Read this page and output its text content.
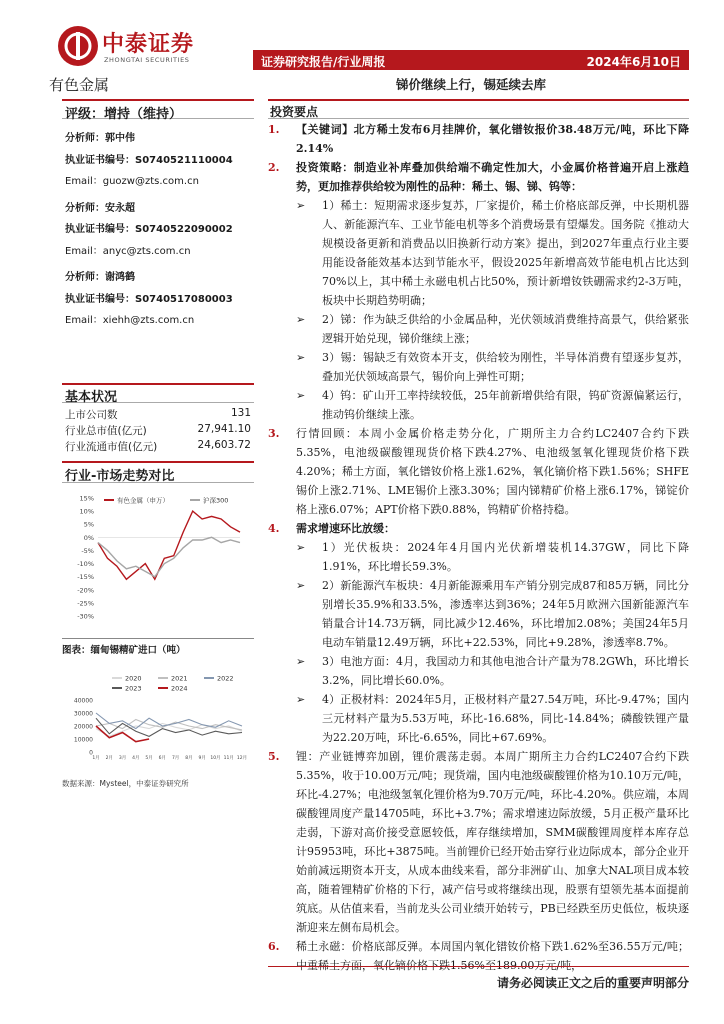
中泰证券
ZHONGTAI SECURITIES
有色金属
证券研究报告/行业周报	2024年6月10日
锑价继续上行，锡延续去库
评级：增持（维持）
分析师：郭中伟
执业证书编号：S0740521110004
Email：guozw@zts.com.cn
分析师：安永超
执业证书编号：S0740522090002
Email：anyc@zts.com.cn
分析师：谢鸿鹤
执业证书编号：S0740517080003
Email：xiehh@zts.com.cn
基本状况
上市公司数	131
行业总市值(亿元)	27,941.10
行业流通市值(亿元)	24,603.72
行业-市场走势对比
15%
10%
5%
0%
-5%
-10%
-15%
-20%
-25%
-30%
有色金属（申万）	沪深300
图表：缅甸锡精矿进口（吨）
2020	2021	2022
2023	2024
40000
30000
20000
10000
0
1月 2月 3月 4月 5月 6月 7月 8月 9月 10月 11月 12月
数据来源：Mysteel，中泰证券研究所
投资要点
1.	【关键词】北方稀土发布6月挂牌价，氧化镨钕报价38.48万元/吨，环比下降2.14%
2.	投资策略：制造业补库叠加供给端不确定性加大，小金属价格普遍开启上涨趋势，更加推荐供给较为刚性的品种：稀土、锡、锑、钨等：
➢	1）稀土：短期需求逐步复苏，厂家提价，稀土价格底部反弹，中长期机器人、新能源汽车、工业节能电机等多个消费场景有望爆发。国务院《推动大规模设备更新和消费品以旧换新行动方案》提出，到2027年重点行业主要用能设备能效基本达到节能水平，假设2025年新增高效节能电机占比达到70%以上，其中稀土永磁电机占比50%，预计新增钕铁硼需求约2-3万吨，板块中长期趋势明确；
➢	2）锑：作为缺乏供给的小金属品种，光伏领域消费维持高景气，供给紧张逻辑开始兑现，锑价继续上涨；
➢	3）锡：锡缺乏有效资本开支，供给较为刚性，半导体消费有望逐步复苏，叠加光伏领域高景气，锡价向上弹性可期；
➢	4）钨：矿山开工率持续较低，25年前新增供给有限，钨矿资源偏紧运行，推动钨价继续上涨。
3.	行情回顾：本周小金属价格走势分化，广期所主力合约LC2407合约下跌5.35%，电池级碳酸锂现货价格下跌4.27%、电池级氢氧化锂现货价格下跌4.20%；稀土方面，氧化镨钕价格上涨1.62%，氧化镝价格下跌1.56%；SHFE锡价上涨2.71%、LME锡价上涨3.30%；国内锑精矿价格上涨6.17%，锑锭价格上涨6.07%；APT价格下跌0.88%，钨精矿价格持稳。
4.	需求增速环比放缓：
➢	1）光伏板块：2024年4月国内光伏新增装机14.37GW，同比下降1.91%，环比增长59.3%。
➢	2）新能源汽车板块：4月新能源乘用车产销分别完成87和85万辆，同比分别增长35.9%和33.5%，渗透率达到36%；24年5月欧洲六国新能源汽车销量合计14.73万辆，同比减少12.46%，环比增加2.08%；美国24年5月电动车销量12.49万辆，环比+22.53%，同比+9.28%，渗透率8.7%。
➢	3）电池方面：4月，我国动力和其他电池合计产量为78.2GWh，环比增长3.2%，同比增长60.0%。
➢	4）正极材料：2024年5月，正极材料产量27.54万吨，环比-9.47%；国内三元材料产量为5.53万吨，环比-16.68%，同比-14.84%；磷酸铁锂产量为22.20万吨，环比-6.65%，同比+67.69%。
5.	锂：产业链博弈加剧，锂价震荡走弱。本周广期所主力合约LC2407合约下跌5.35%，收于10.00万元/吨；现货端，国内电池级碳酸锂价格为10.10万元/吨，环比-4.27%；电池级氢氧化锂价格为9.70万元/吨，环比-4.20%。供应端，本周碳酸锂周度产量14705吨，环比+3.7%；需求增速边际放缓，5月正极产量环比走弱，下游对高价接受意愿较低，库存继续增加，SMM碳酸锂周度样本库存总计95953吨，环比+3875吨。当前锂价已经开始击穿行业边际成本，部分企业开始前减远期资本开支，从成本曲线来看，部分非洲矿山、加拿大NAL项目成本较高，随着锂精矿价格的下行，减产信号或将继续出现，股票有望领先基本面提前筑底。从估值来看，当前龙头公司业绩开始转亏，PB已经跌至历史低位，板块逐渐迎来左侧布局机会。
6.	稀土永磁：价格底部反弹。本周国内氧化镨钕价格下跌1.62%至36.55万元/吨；中重稀土方面，氧化镝价格下跌1.56%至189.00万元/吨，
请务必阅读正文之后的重要声明部分
